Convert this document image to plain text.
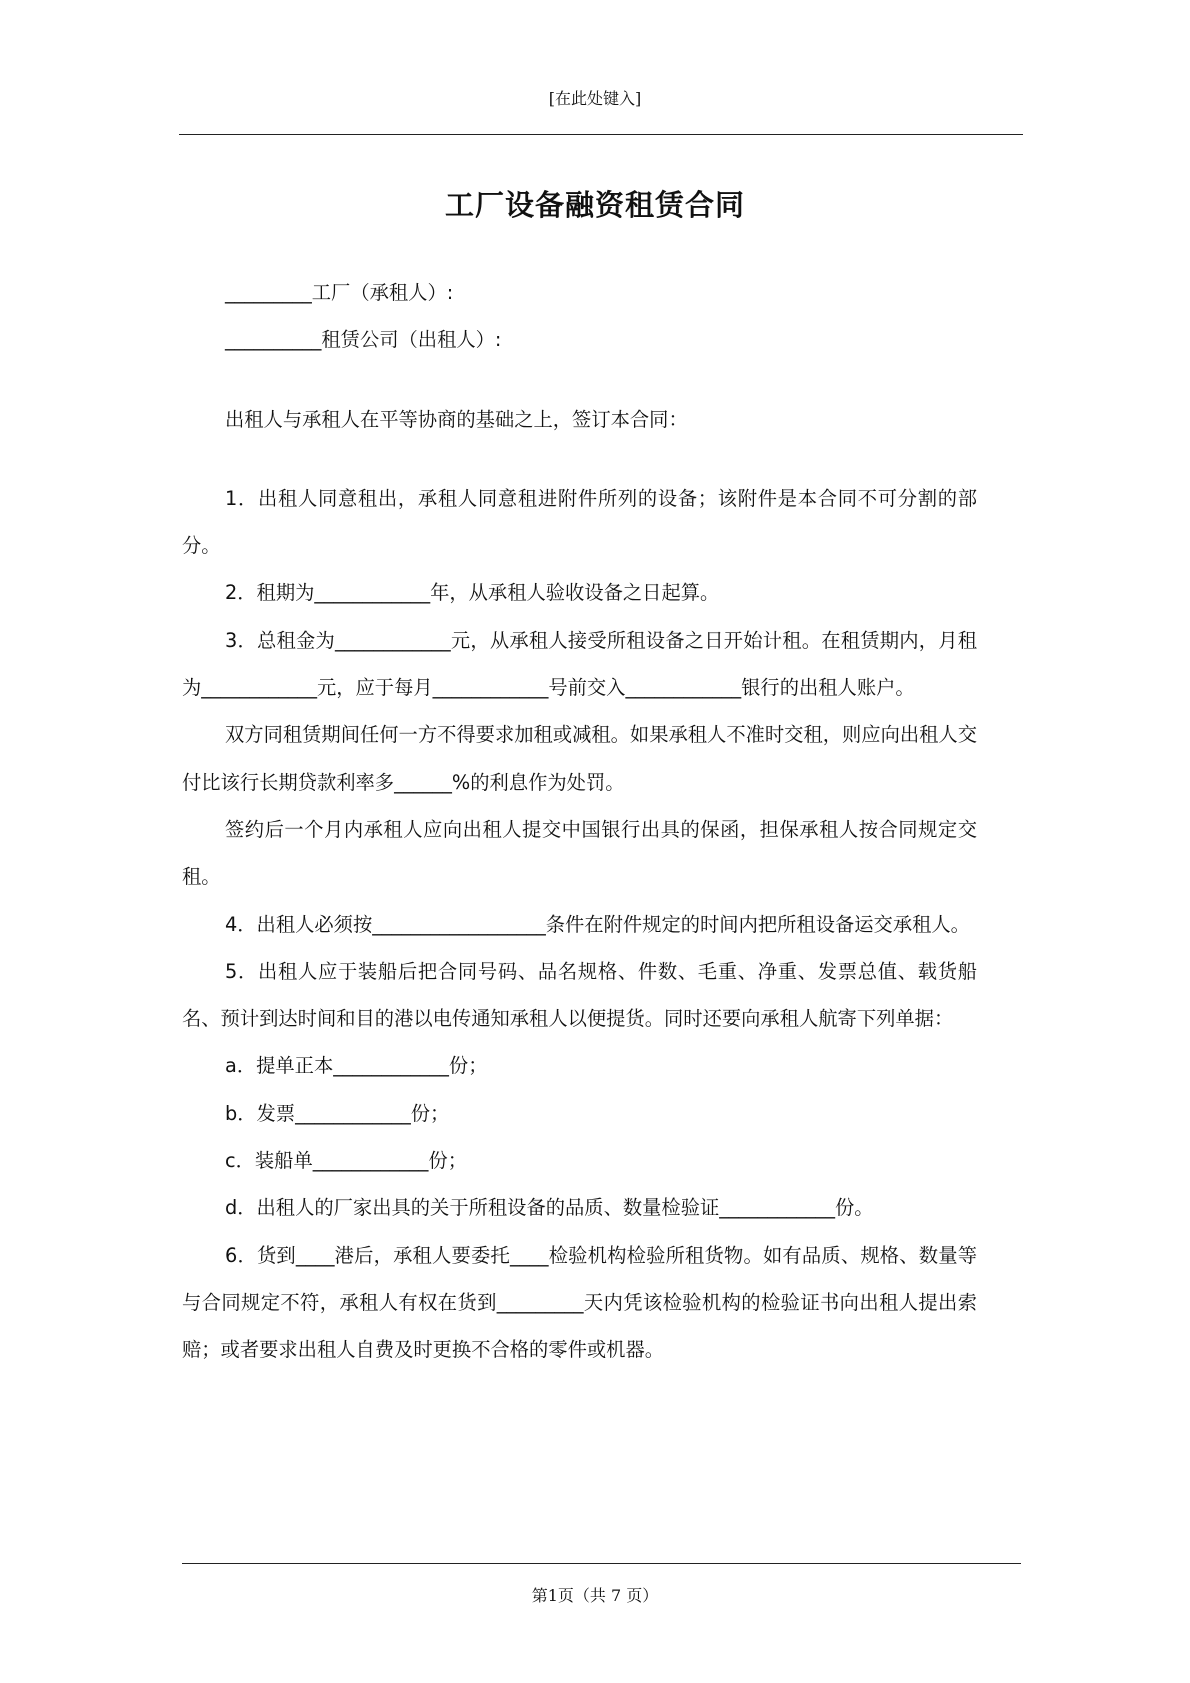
[在此处键入]
工厂设备融资租赁合同

_________工厂（承租人）:

__________租赁公司（出租人）:

出租人与承租人在平等协商的基础之上，签订本合同：

1．出租人同意租出，承租人同意租进附件所列的设备；该附件是本合同不可分割的部分。

2．租期为____________年，从承租人验收设备之日起算。

3．总租金为____________元，从承租人接受所租设备之日开始计租。在租赁期内，月租为____________元，应于每月____________号前交入____________银行的出租人账户。

双方同租赁期间任何一方不得要求加租或减租。如果承租人不准时交租，则应向出租人交付比该行长期贷款利率多______%的利息作为处罚。

签约后一个月内承租人应向出租人提交中国银行出具的保函，担保承租人按合同规定交租。

4．出租人必须按__________________条件在附件规定的时间内把所租设备运交承租人。

5．出租人应于装船后把合同号码、品名规格、件数、毛重、净重、发票总值、载货船名、预计到达时间和目的港以电传通知承租人以便提货。同时还要向承租人航寄下列单据：

a．提单正本____________份；

b．发票____________份；

c．装船单____________份；

d．出租人的厂家出具的关于所租设备的品质、数量检验证____________份。

6．货到____港后，承租人要委托____检验机构检验所租货物。如有品质、规格、数量等与合同规定不符，承租人有权在货到_________天内凭该检验机构的检验证书向出租人提出索赔；或者要求出租人自费及时更换不合格的零件或机器。

第1页（共 7 页）
